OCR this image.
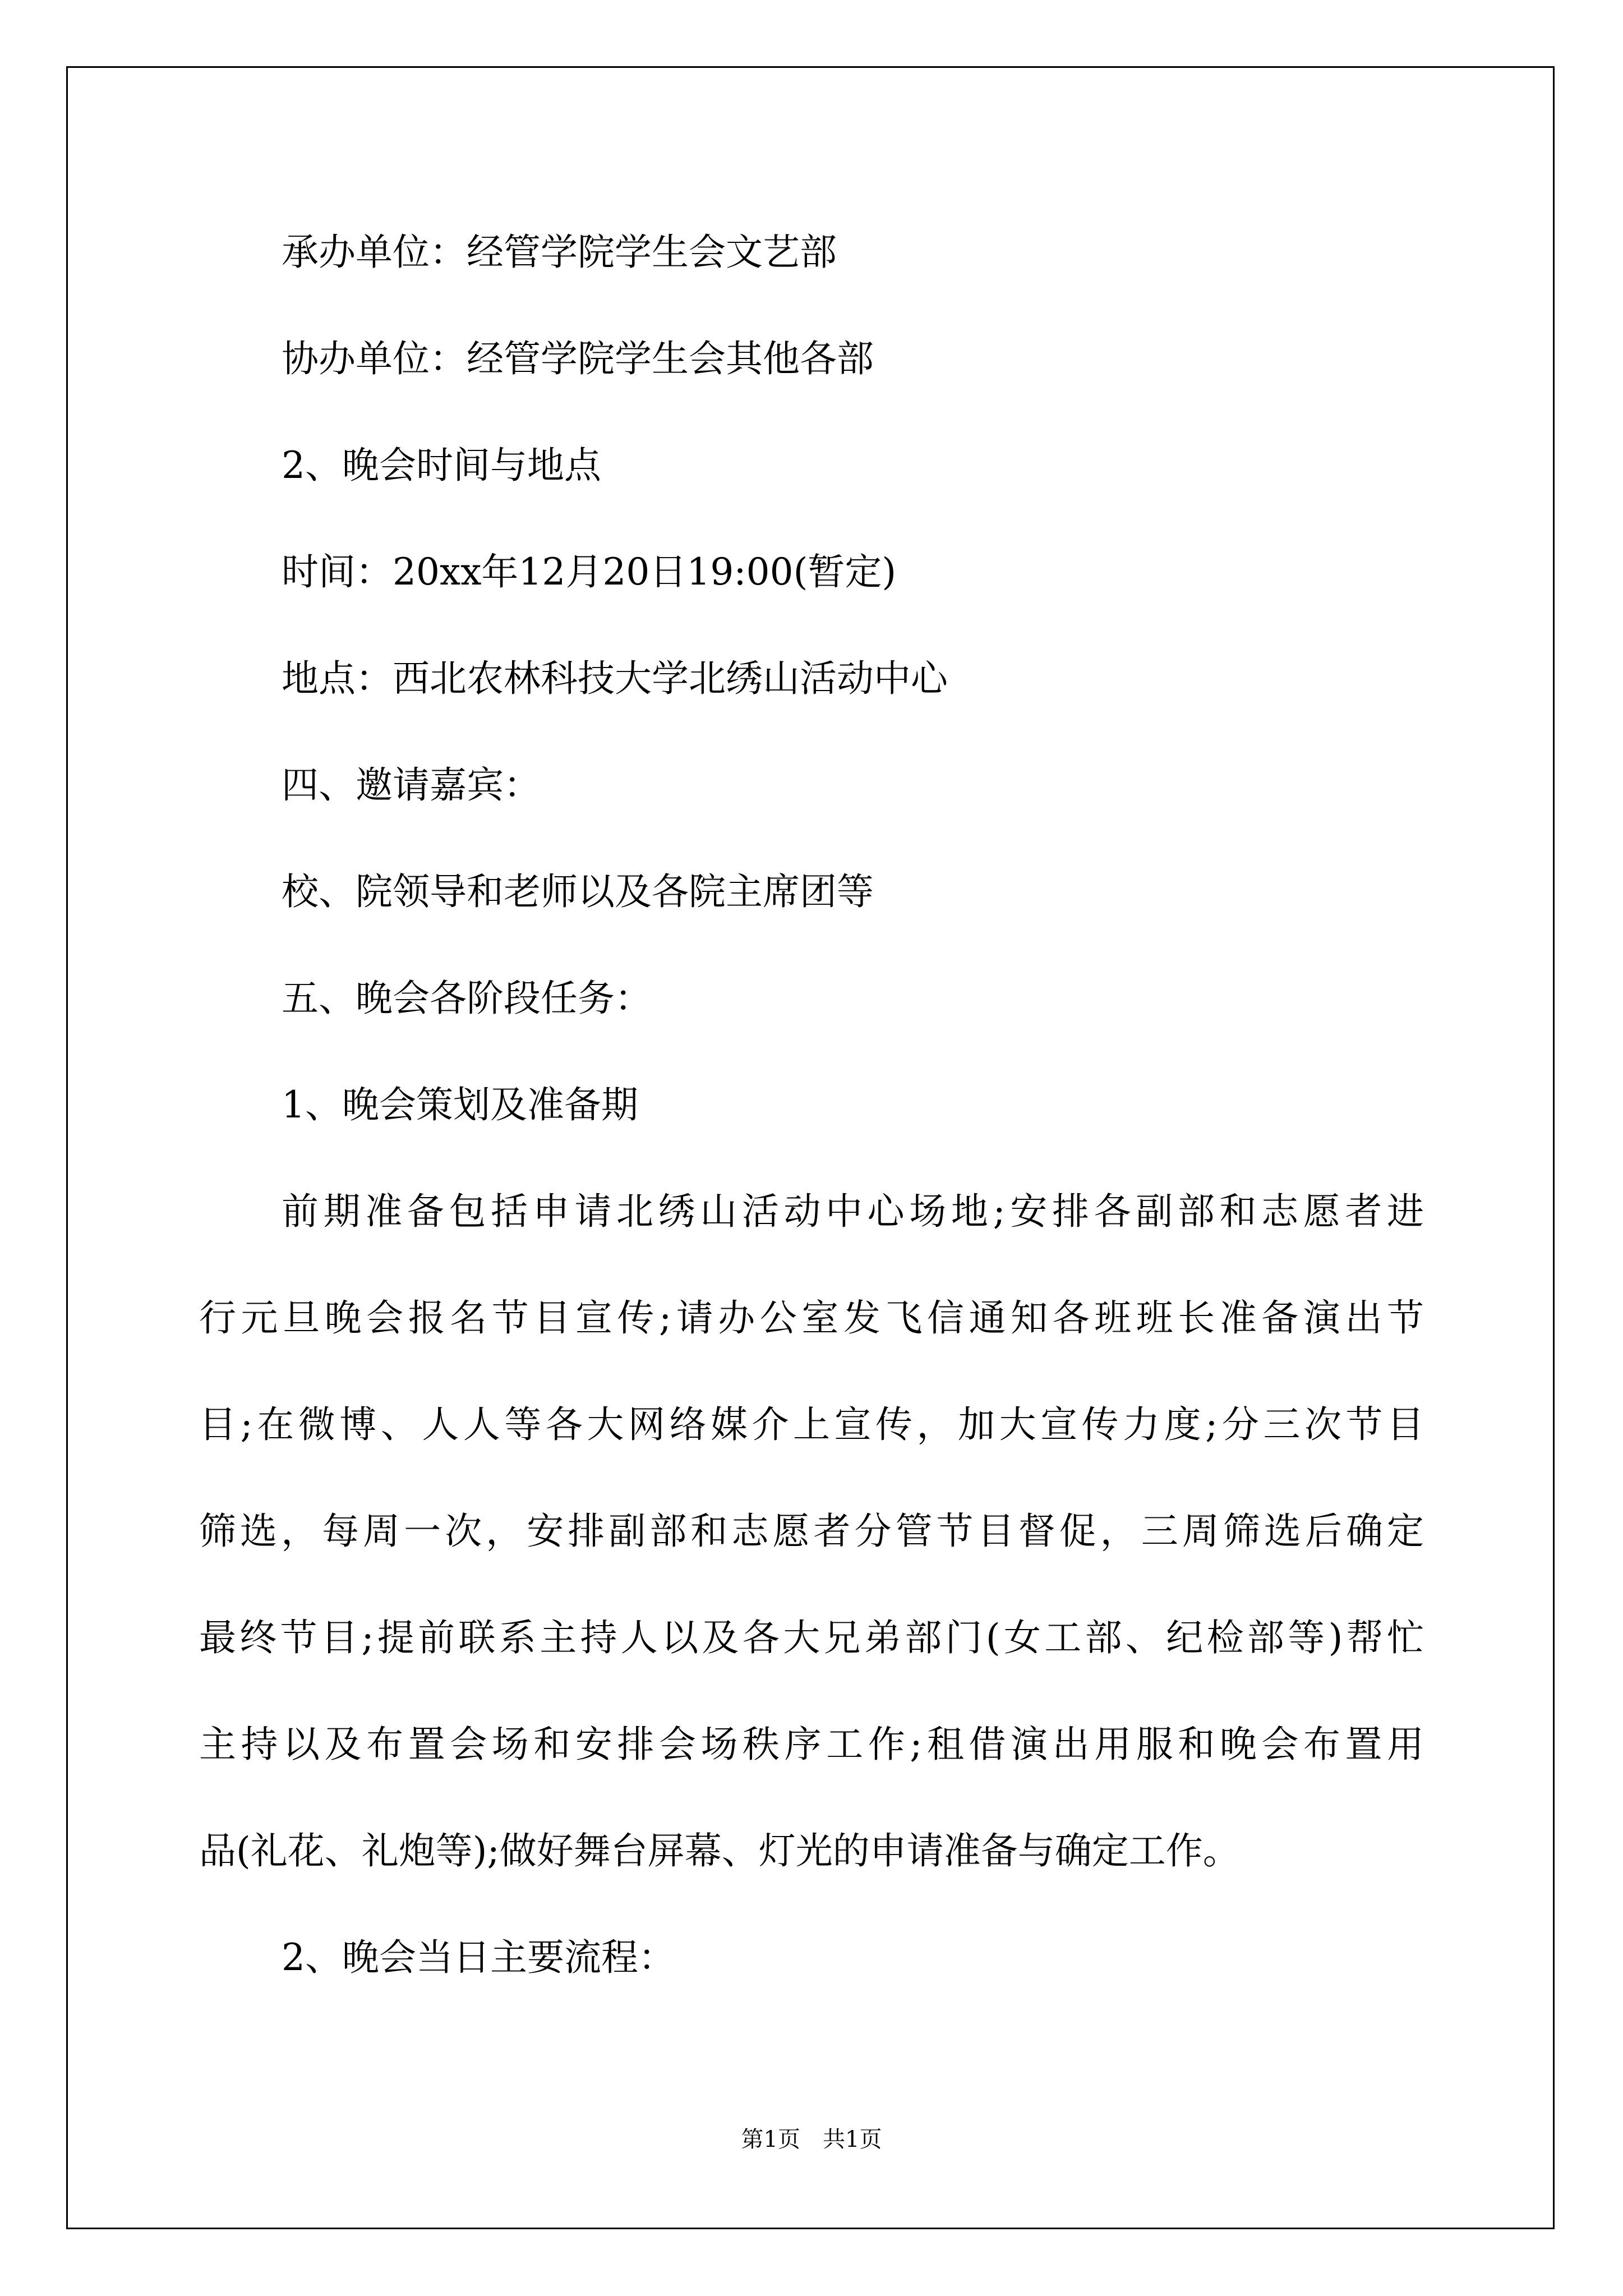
承办单位：经管学院学生会文艺部

协办单位：经管学院学生会其他各部

2、晚会时间与地点

时间：20xx年12月20日19:00(暂定)

地点：西北农林科技大学北绣山活动中心

四、邀请嘉宾：

校、院领导和老师以及各院主席团等

五、晚会各阶段任务：

1、晚会策划及准备期

前期准备包括申请北绣山活动中心场地;安排各副部和志愿者进

行元旦晚会报名节目宣传;请办公室发飞信通知各班班长准备演出节

目;在微博、人人等各大网络媒介上宣传，加大宣传力度;分三次节目

筛选，每周一次，安排副部和志愿者分管节目督促，三周筛选后确定

最终节目;提前联系主持人以及各大兄弟部门(女工部、纪检部等)帮忙

主持以及布置会场和安排会场秩序工作;租借演出用服和晚会布置用

品(礼花、礼炮等);做好舞台屏幕、灯光的申请准备与确定工作。

2、晚会当日主要流程：

第1页　共1页
